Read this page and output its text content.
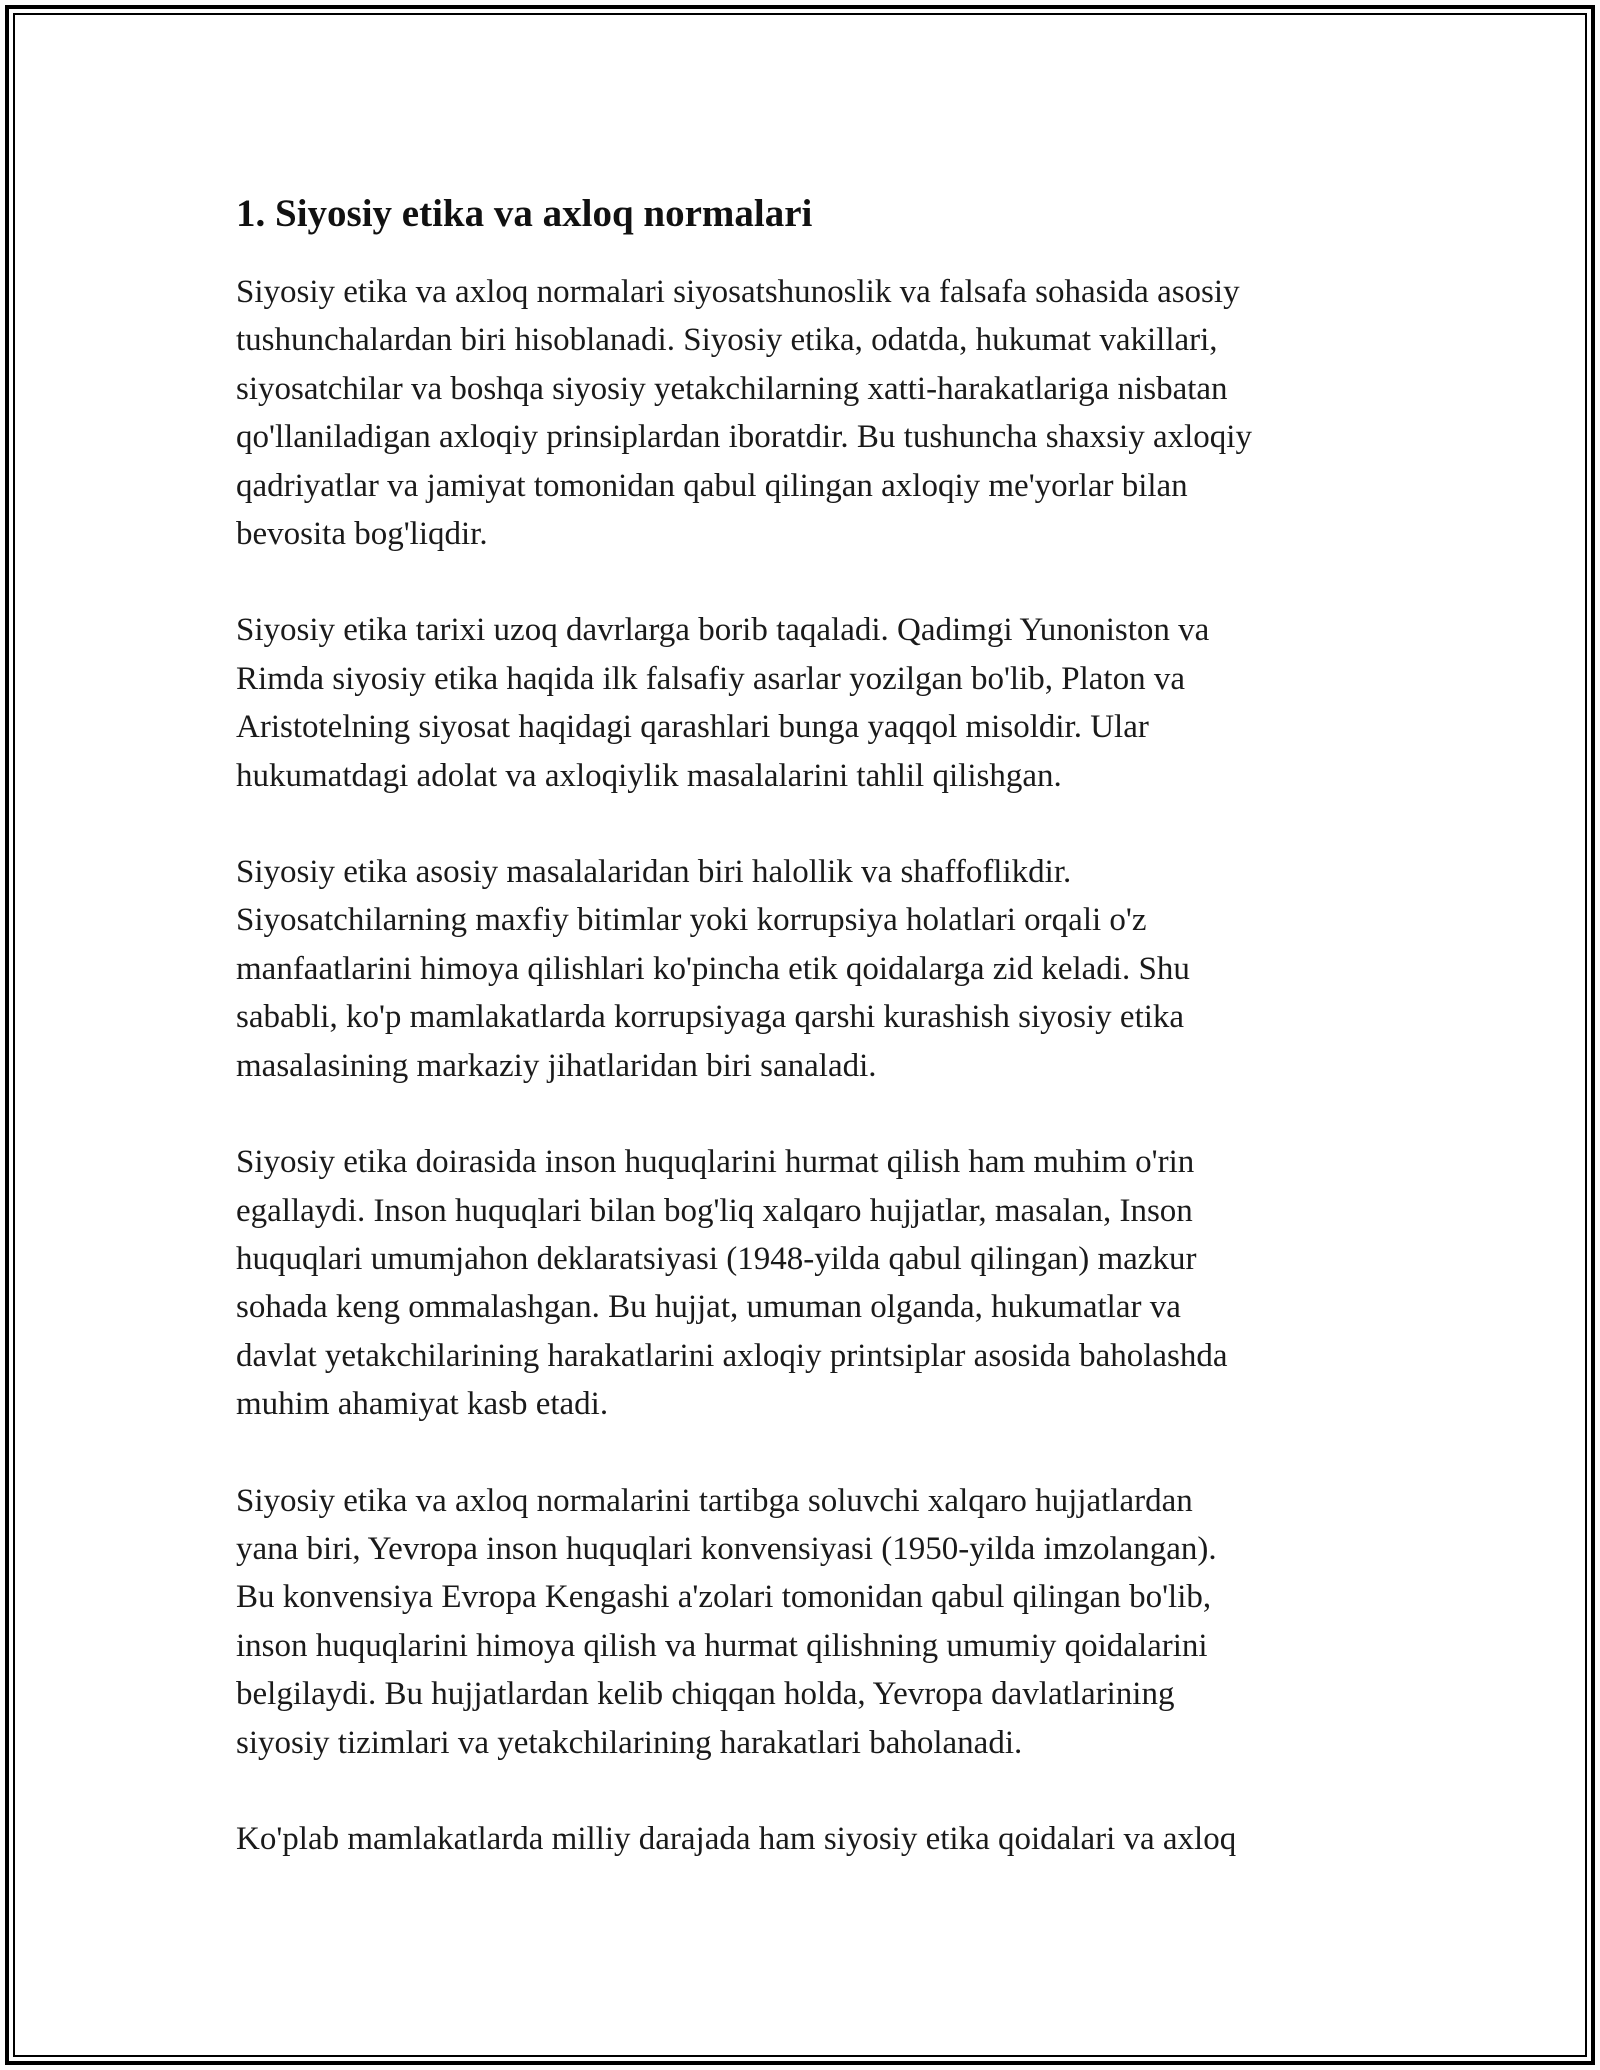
1. Siyosiy etika va axloq normalari

Siyosiy etika va axloq normalari siyosatshunoslik va falsafa sohasida asosiy
tushunchalardan biri hisoblanadi. Siyosiy etika, odatda, hukumat vakillari,
siyosatchilar va boshqa siyosiy yetakchilarning xatti-harakatlariga nisbatan
qo'llaniladigan axloqiy prinsiplardan iboratdir. Bu tushuncha shaxsiy axloqiy
qadriyatlar va jamiyat tomonidan qabul qilingan axloqiy me'yorlar bilan
bevosita bog'liqdir.

Siyosiy etika tarixi uzoq davrlarga borib taqaladi. Qadimgi Yunoniston va
Rimda siyosiy etika haqida ilk falsafiy asarlar yozilgan bo'lib, Platon va
Aristotelning siyosat haqidagi qarashlari bunga yaqqol misoldir. Ular
hukumatdagi adolat va axloqiylik masalalarini tahlil qilishgan.

Siyosiy etika asosiy masalalaridan biri halollik va shaffoflikdir.
Siyosatchilarning maxfiy bitimlar yoki korrupsiya holatlari orqali o'z
manfaatlarini himoya qilishlari ko'pincha etik qoidalarga zid keladi. Shu
sababli, ko'p mamlakatlarda korrupsiyaga qarshi kurashish siyosiy etika
masalasining markaziy jihatlaridan biri sanaladi.

Siyosiy etika doirasida inson huquqlarini hurmat qilish ham muhim o'rin
egallaydi. Inson huquqlari bilan bog'liq xalqaro hujjatlar, masalan, Inson
huquqlari umumjahon deklaratsiyasi (1948-yilda qabul qilingan) mazkur
sohada keng ommalashgan. Bu hujjat, umuman olganda, hukumatlar va
davlat yetakchilarining harakatlarini axloqiy printsiplar asosida baholashda
muhim ahamiyat kasb etadi.

Siyosiy etika va axloq normalarini tartibga soluvchi xalqaro hujjatlardan
yana biri, Yevropa inson huquqlari konvensiyasi (1950-yilda imzolangan).
Bu konvensiya Evropa Kengashi a'zolari tomonidan qabul qilingan bo'lib,
inson huquqlarini himoya qilish va hurmat qilishning umumiy qoidalarini
belgilaydi. Bu hujjatlardan kelib chiqqan holda, Yevropa davlatlarining
siyosiy tizimlari va yetakchilarining harakatlari baholanadi.

Ko'plab mamlakatlarda milliy darajada ham siyosiy etika qoidalari va axloq
